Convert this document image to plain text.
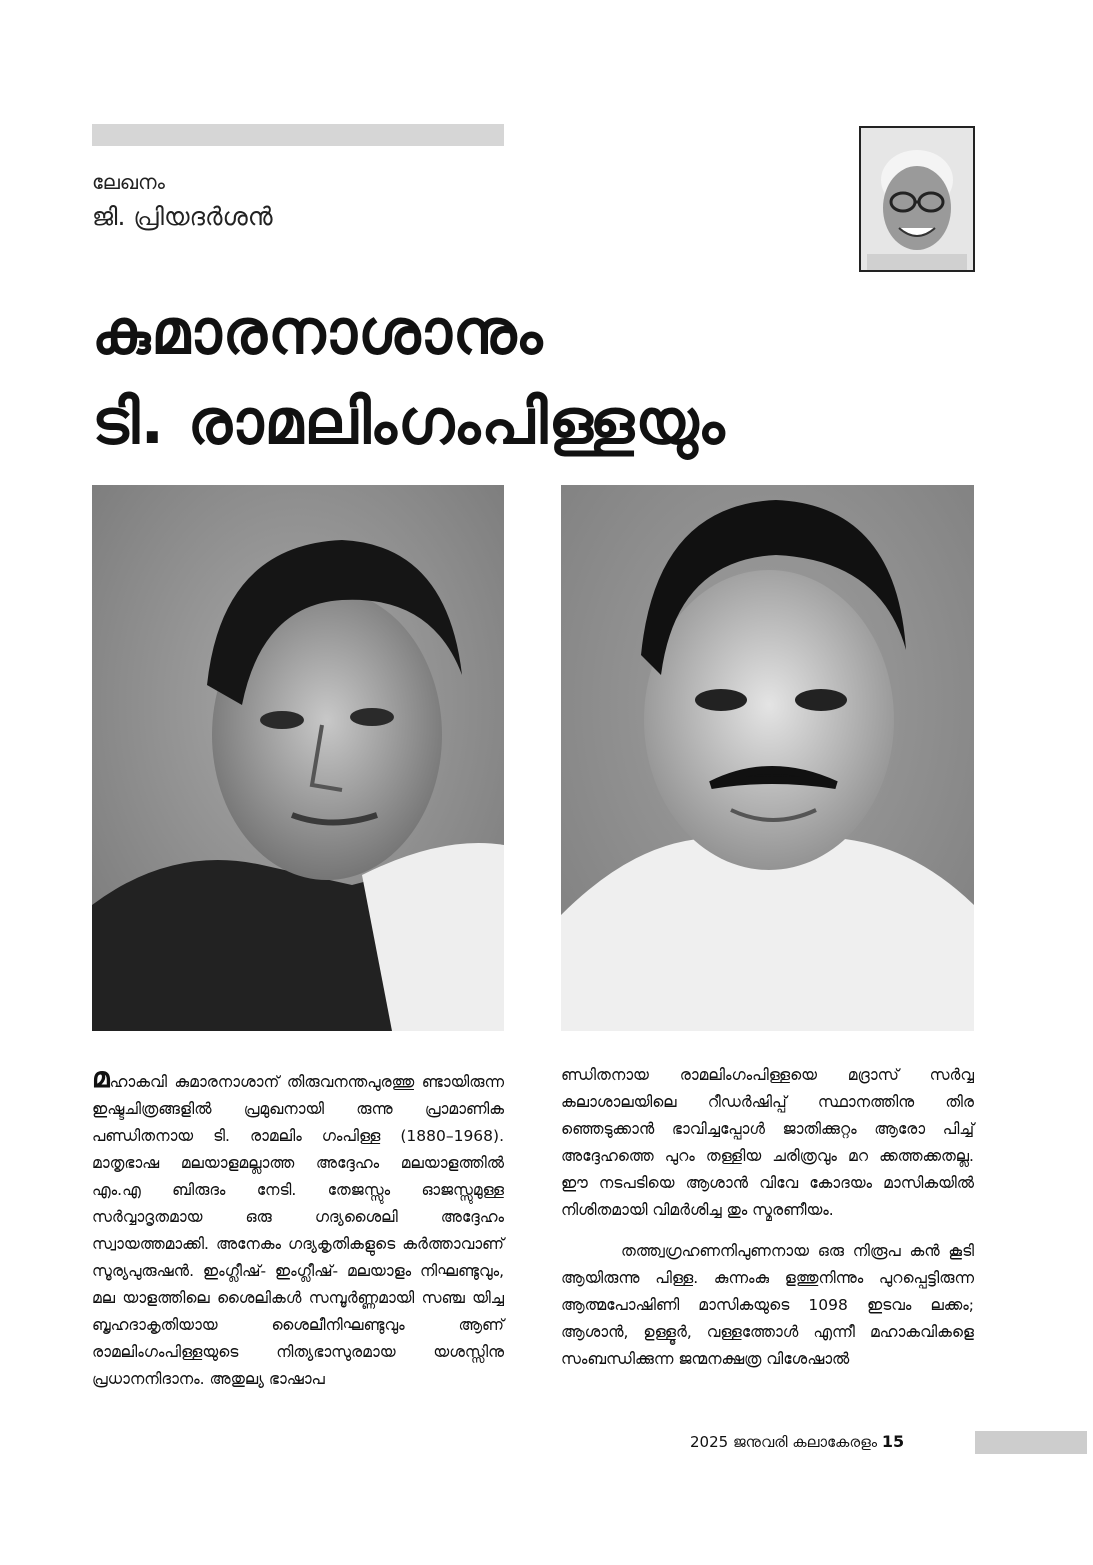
ലേഖനം
ജി. പ്രിയദർശൻ
കുമാരനാശാനും
ടി. രാമലിംഗംപിള്ളയും
മഹാകവി കുമാരനാശാന് തിരുവനന്തപുരത്തു ണ്ടായിരുന്ന ഇഷ്ടചിത്രങ്ങളിൽ പ്രമുഖനായി രുന്നു പ്രാമാണിക പണ്ഡിതനായ ടി. രാമലിം ഗംപിള്ള (1880–1968). മാതൃഭാഷ മലയാളമല്ലാത്ത അദ്ദേഹം മലയാളത്തിൽ എം.എ ബിരുദം നേടി. തേജസ്സും ഓജസ്സുമുള്ള സർവ്വാദൃതമായ ഒരു ഗദ്യശൈലി അദ്ദേഹം സ്വായത്തമാക്കി. അനേകം ഗദ്യകൃതികളുടെ കർത്താവാണ് സൂര്യപുരുഷൻ. ഇംഗ്ലീഷ്- ഇംഗ്ലീഷ്- മലയാളം നിഘണ്ടുവും, മല യാളത്തിലെ ശൈലികൾ സമ്പൂർണ്ണമായി സഞ്ച യിച്ച ബൃഹദാകൃതിയായ ശൈലീനിഘണ്ടുവും ആണ് രാമലിംഗംപിള്ളയുടെ നിത്യഭാസുരമായ യശസ്സിനു പ്രധാനനിദാനം. അതുല്യ ഭാഷാപ

ണ്ഡിതനായ രാമലിംഗംപിള്ളയെ മദ്രാസ് സർവ്വ കലാശാലയിലെ റീഡർഷിപ്പ് സ്ഥാനത്തിനു തിര ഞ്ഞെടുക്കാൻ ഭാവിച്ചപ്പോൾ ജാതിക്കുറ്റം ആരോ പിച്ച് അദ്ദേഹത്തെ പുറം തള്ളിയ ചരിത്രവും മറ ക്കത്തക്കതല്ല. ഈ നടപടിയെ ആശാൻ വിവേ കോദയം മാസികയിൽ നിശിതമായി വിമർശിച്ച തും സ്മരണീയം.

തത്ത്വഗ്രഹണനിപുണനായ ഒരു നിരൂപ കൻ കൂടി ആയിരുന്നു പിള്ള. കുന്നംകു ളത്തുനിന്നും പുറപ്പെട്ടിരുന്ന ആത്മപോഷിണി മാസികയുടെ 1098 ഇടവം ലക്കം; ആശാൻ, ഉള്ളൂർ, വള്ളത്തോൾ എന്നീ മഹാകവികളെ സംബന്ധിക്കുന്ന ജന്മനക്ഷത്ര വിശേഷാൽ

2025 ജനുവരി കലാകേരളം 15
